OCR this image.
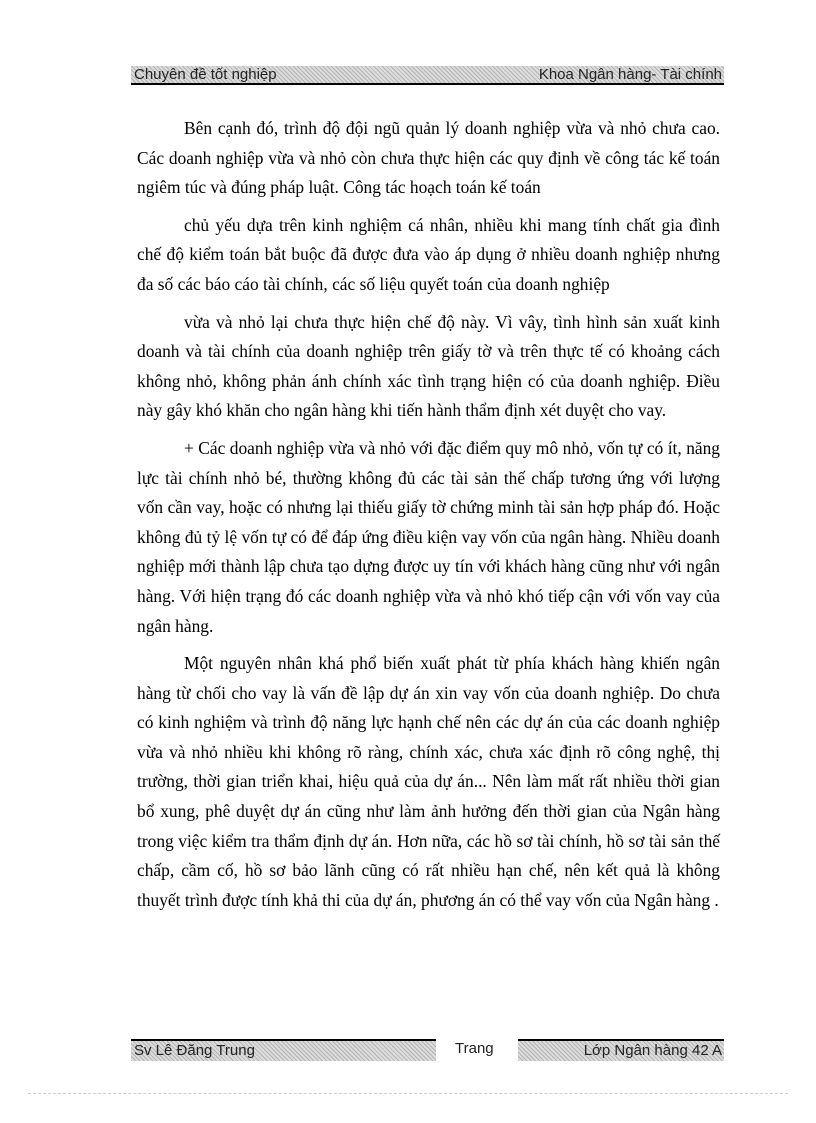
Chuyên đề tốt nghiệp	Khoa Ngân hàng- Tài chính

Bên cạnh đó, trình độ đội ngũ quản lý doanh nghiệp vừa và nhỏ chưa cao. Các doanh nghiệp vừa và nhỏ còn chưa thực hiện các quy định về công tác kế toán ngiêm túc và đúng pháp luật. Công tác hoạch toán kế toán

chủ yếu dựa trên kinh nghiệm cá nhân, nhiều khi mang tính chất gia đình chế độ kiểm toán bắt buộc đã được đưa vào áp dụng ở nhiều doanh nghiệp nhưng đa số các báo cáo tài chính, các số liệu quyết toán của doanh nghiệp

vừa và nhỏ lại chưa thực hiện chế độ này. Vì vây, tình hình sản xuất kinh doanh và tài chính của doanh nghiệp trên giấy tờ và trên thực tế có khoảng cách không nhỏ, không phản ánh chính xác tình trạng hiện có của doanh nghiệp. Điều này gây khó khăn cho ngân hàng khi tiến hành thẩm định xét duyệt cho vay.

+ Các doanh nghiệp vừa và nhỏ với đặc điểm quy mô nhỏ, vốn tự có ít, năng lực tài chính nhỏ bé, thường không đủ các tài sản thế chấp tương ứng với lượng vốn cần vay, hoặc có nhưng lại thiếu giấy tờ chứng minh tài sản hợp pháp đó. Hoặc không đủ tỷ lệ vốn tự có để đáp ứng điều kiện vay vốn của ngân hàng. Nhiều doanh nghiệp mới thành lập chưa tạo dựng được uy tín với khách hàng cũng như với ngân hàng. Với hiện trạng đó các doanh nghiệp vừa và nhỏ khó tiếp cận với vốn vay của ngân hàng.

Một nguyên nhân khá phổ biến xuất phát từ phía khách hàng khiến ngân hàng từ chối cho vay là vấn đề lập dự án xin vay vốn của doanh nghiệp. Do chưa có kinh nghiệm và trình độ năng lực hạnh chế nên các dự án của các doanh nghiệp vừa và nhỏ nhiều khi không rõ ràng, chính xác, chưa xác định rõ công nghệ, thị trường, thời gian triển khai, hiệu quả của dự án... Nên làm mất rất nhiều thời gian bổ xung, phê duyệt dự án cũng như làm ảnh hưởng đến thời gian của Ngân hàng trong việc kiểm tra thẩm định dự án. Hơn nữa, các hồ sơ tài chính, hồ sơ tài sản thế chấp, cầm cố, hồ sơ bảo lãnh cũng có rất nhiều hạn chế, nên kết quả là không thuyết trình được tính khả thi của dự án, phương án có thể vay vốn của Ngân hàng .

Sv Lê Đăng Trung	Trang	Lớp Ngân hàng 42 A
